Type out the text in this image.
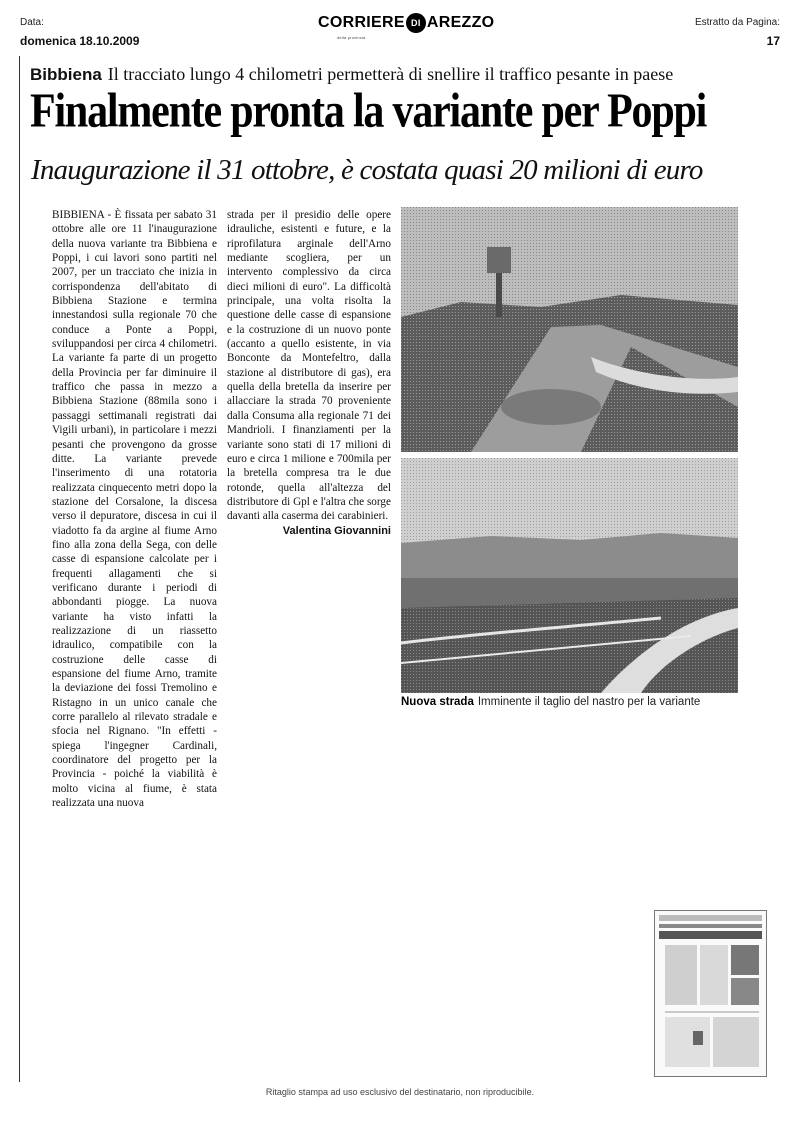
Data:
domenica 18.10.2009
Estratto da Pagina:
17
CORRIERE DI AREZZO
della provincia
Bibbiena Il tracciato lungo 4 chilometri permetterà di snellire il traffico pesante in paese
Finalmente pronta la variante per Poppi
Inaugurazione il 31 ottobre, è costata quasi 20 milioni di euro
BIBBIENA - È fissata per sabato 31 ottobre alle ore 11 l'inaugurazione della nuova variante tra Bibbiena e Poppi, i cui lavori sono partiti nel 2007, per un tracciato che inizia in corrispondenza dell'abitato di Bibbiena Stazione e termina innestandosi sulla regionale 70 che conduce a Ponte a Poppi, sviluppandosi per circa 4 chilometri. La variante fa parte di un progetto della Provincia per far diminuire il traffico che passa in mezzo a Bibbiena Stazione (88mila sono i passaggi settimanali registrati dai Vigili urbani), in particolare i mezzi pesanti che provengono da grosse ditte. La variante prevede l'inserimento di una rotatoria realizzata cinquecento metri dopo la stazione del Corsalone, la discesa verso il depuratore, discesa in cui il viadotto fa da argine al fiume Arno fino alla zona della Sega, con delle casse di espansione calcolate per i frequenti allagamenti che si verificano durante i periodi di abbondanti piogge. La nuova variante ha visto infatti la realizzazione di un riassetto idraulico, compatibile con la costruzione delle casse di espansione del fiume Arno, tramite la deviazione dei fossi Tremolino e Ristagno in un unico canale che corre parallelo al rilevato stradale e sfocia nel Rignano. "In effetti - spiega l'ingegner Cardinali, coordinatore del progetto per la Provincia - poiché la viabilità è molto vicina al fiume, è stata realizzata una nuova
strada per il presidio delle opere idrauliche, esistenti e future, e la riprofilatura arginale dell'Arno mediante scogliera, per un intervento complessivo da circa dieci milioni di euro". La difficoltà principale, una volta risolta la questione delle casse di espansione e la costruzione di un nuovo ponte (accanto a quello esistente, in via Bonconte da Montefeltro, dalla stazione al distributore di gas), era quella della bretella da inserire per allacciare la strada 70 proveniente dalla Consuma alla regionale 71 dei Mandrioli. I finanziamenti per la variante sono stati di 17 milioni di euro e circa 1 milione e 700mila per la bretella compresa tra le due rotonde, quella all'altezza del distributore di Gpl e l'altra che sorge davanti alla caserma dei carabinieri.
Valentina Giovannini
Nuova strada Imminente il taglio del nastro per la variante
Ritaglio stampa ad uso esclusivo del destinatario, non riproducibile.
